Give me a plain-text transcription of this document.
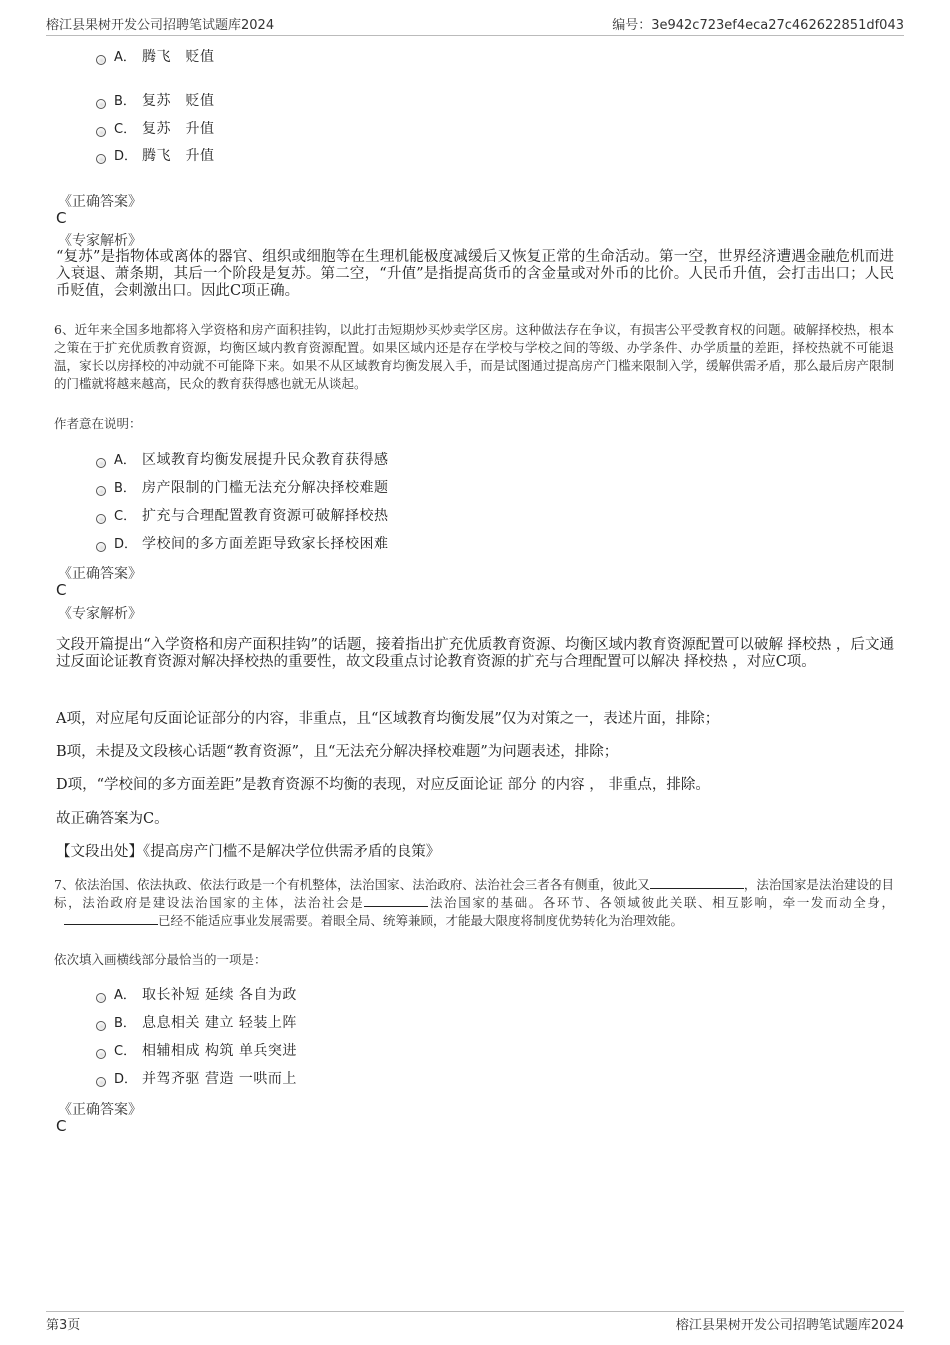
榕江县果树开发公司招聘笔试题库2024	编号：3e942c723ef4eca27c462622851df043
A． 腾飞　贬值
B． 复苏　贬值
C． 复苏　升值
D． 腾飞　升值
《正确答案》
C
《专家解析》
“复苏”是指物体或离体的器官、组织或细胞等在生理机能极度减缓后又恢复正常的生命活动。第一空，世界经济遭遇金融危机而进入衰退、萧条期，其后一个阶段是复苏。第二空，“升值”是指提高货币的含金量或对外币的比价。人民币升值，会打击出口；人民币贬值，会刺激出口。因此C项正确。
6、近年来全国多地都将入学资格和房产面积挂钩，以此打击短期炒买炒卖学区房。这种做法存在争议，有损害公平受教育权的问题。破解择校热，根本之策在于扩充优质教育资源，均衡区域内教育资源配置。如果区域内还是存在学校与学校之间的等级、办学条件、办学质量的差距，择校热就不可能退温，家长以房择校的冲动就不可能降下来。如果不从区域教育均衡发展入手，而是试图通过提高房产门槛来限制入学，缓解供需矛盾，那么最后房产限制的门槛就将越来越高，民众的教育获得感也就无从谈起。
作者意在说明：
A． 区域教育均衡发展提升民众教育获得感
B． 房产限制的门槛无法充分解决择校难题
C． 扩充与合理配置教育资源可破解择校热
D． 学校间的多方面差距导致家长择校困难
《正确答案》
C
《专家解析》
文段开篇提出“入学资格和房产面积挂钩”的话题，接着指出扩充优质教育资源、均衡区域内教育资源配置可以破解 择校热 ，后文通过反面论证教育资源对解决择校热的重要性，故文段重点讨论教育资源的扩充与合理配置可以解决 择校热 ，对应C项。
A项，对应尾句反面论证部分的内容，非重点，且“区域教育均衡发展”仅为对策之一，表述片面，排除；
B项，未提及文段核心话题“教育资源”，且“无法充分解决择校难题”为问题表述，排除；
D项，“学校间的多方面差距”是教育资源不均衡的表现，对应反面论证 部分 的内容 ， 非重点，排除。
故正确答案为C。
【文段出处】《提高房产门槛不是解决学位供需矛盾的良策》
7、依法治国、依法执政、依法行政是一个有机整体，法治国家、法治政府、法治社会三者各有侧重，彼此又	，法治国家是法治建设的目标，法治政府是建设法治国家的主体，法治社会是	法治国家的基础。各环节、各领域彼此关联、相互影响，牵一发而动全身，已经不能适应事业发展需要。着眼全局、统筹兼顾，才能最大限度将制度优势转化为治理效能。
依次填入画横线部分最恰当的一项是：
A． 取长补短 延续 各自为政
B． 息息相关 建立 轻装上阵
C． 相辅相成 构筑 单兵突进
D． 并驾齐驱 营造 一哄而上
《正确答案》
C
第3页	榕江县果树开发公司招聘笔试题库2024
